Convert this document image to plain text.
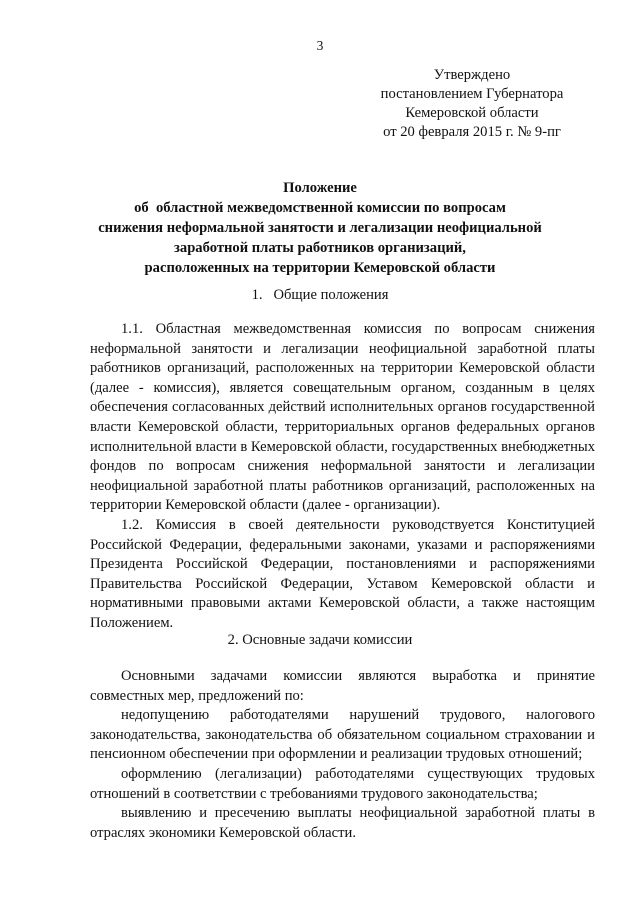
3
Утверждено
постановлением Губернатора
Кемеровской области
от 20 февраля 2015 г. № 9-пг
Положение
об  областной межведомственной комиссии по вопросам
снижения неформальной занятости и легализации неофициальной
заработной платы работников организаций,
расположенных на территории Кемеровской области
1.   Общие положения

1.1. Областная межведомственная комиссия по вопросам снижения неформальной занятости и легализации неофициальной заработной платы работников организаций, расположенных на территории Кемеровской области (далее - комиссия), является совещательным органом, созданным в целях обеспечения согласованных действий исполнительных органов государственной власти Кемеровской области, территориальных органов федеральных органов исполнительной власти в Кемеровской области, государственных внебюджетных фондов по вопросам снижения неформальной занятости и легализации неофициальной заработной платы работников организаций, расположенных на территории Кемеровской области (далее - организации).

1.2. Комиссия в своей деятельности руководствуется Конституцией Российской Федерации, федеральными законами, указами и распоряжениями Президента Российской Федерации, постановлениями и распоряжениями Правительства Российской Федерации, Уставом Кемеровской области и нормативными правовыми актами Кемеровской области, а также настоящим Положением.

2. Основные задачи комиссии

Основными задачами комиссии являются выработка и принятие совместных мер, предложений по:

недопущению работодателями нарушений трудового, налогового законодательства, законодательства об обязательном социальном страховании и пенсионном обеспечении при оформлении и реализации трудовых отношений;

оформлению (легализации) работодателями существующих трудовых отношений в соответствии с требованиями трудового законодательства;

выявлению и пресечению выплаты неофициальной заработной платы в отраслях экономики Кемеровской области.
